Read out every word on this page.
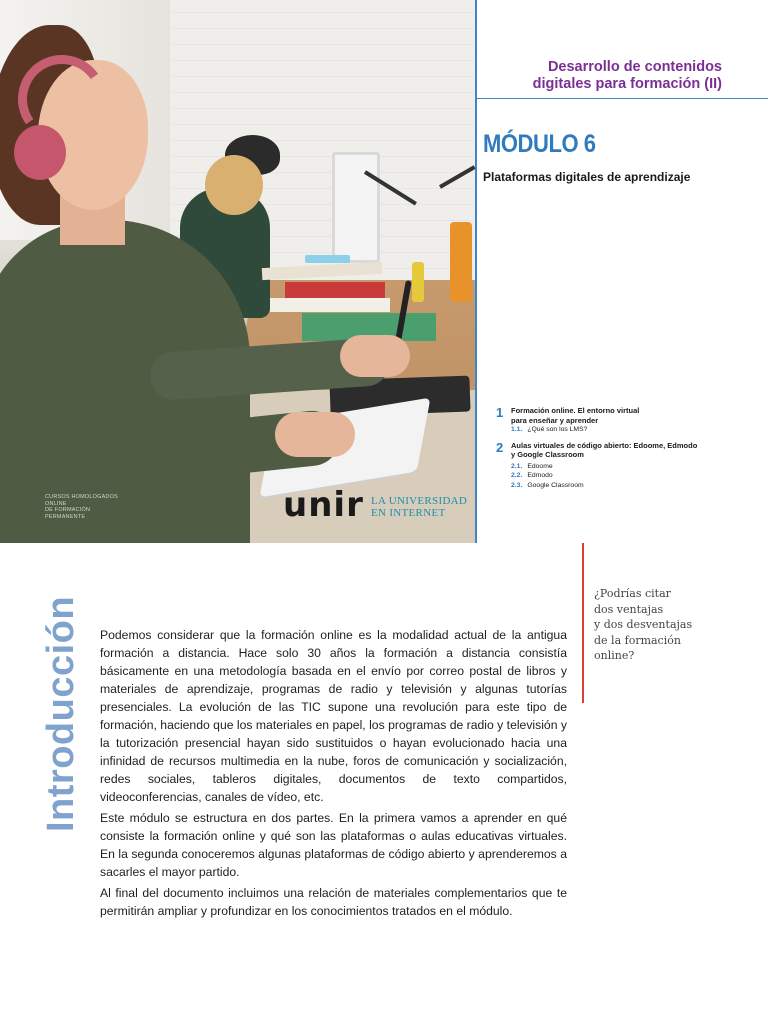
CURSOS HOMOLOGADOS
ONLINE
DE FORMACIÓN
PERMANENTE	unir LA UNIVERSIDAD
EN INTERNET
Desarrollo de contenidos
digitales para formación (II)
MÓDULO 6
Plataformas digitales de aprendizaje
1 Formación online. El entorno virtual
para enseñar y aprender
1.1. ¿Qué son los LMS?
2 Aulas virtuales de código abierto: Edoome, Edmodo
y Google Classroom
2.1. Edoome
2.2. Edmodo
2.3. Google Classroom
Introducción Podemos considerar que la formación online es la modalidad actual de la antigua formación a distancia. Hace solo 30 años la formación a distancia consistía básicamente en una metodología basada en el envío por correo postal de libros y materiales de aprendizaje, programas de radio y televisión y algunas tutorías presenciales. La evolución de las TIC supone una revolución para este tipo de formación, haciendo que los materiales en papel, los programas de radio y televisión y la tutorización presencial hayan sido sustituidos o hayan evolucionado hacia una infinidad de recursos multimedia en la nube, foros de comunicación y socialización, redes sociales, tableros digitales, documentos de texto compartidos, videoconferencias, canales de vídeo, etc.

Este módulo se estructura en dos partes. En la primera vamos a aprender en qué consiste la formación online y qué son las plataformas o aulas educativas virtuales. En la segunda conoceremos algunas plataformas de código abierto y aprenderemos a sacarles el mayor partido.

Al final del documento incluimos una relación de materiales complementarios que te permitirán ampliar y profundizar en los conocimientos tratados en el módulo.

¿Podrías citar
dos ventajas
y dos desventajas
de la formación
online?
